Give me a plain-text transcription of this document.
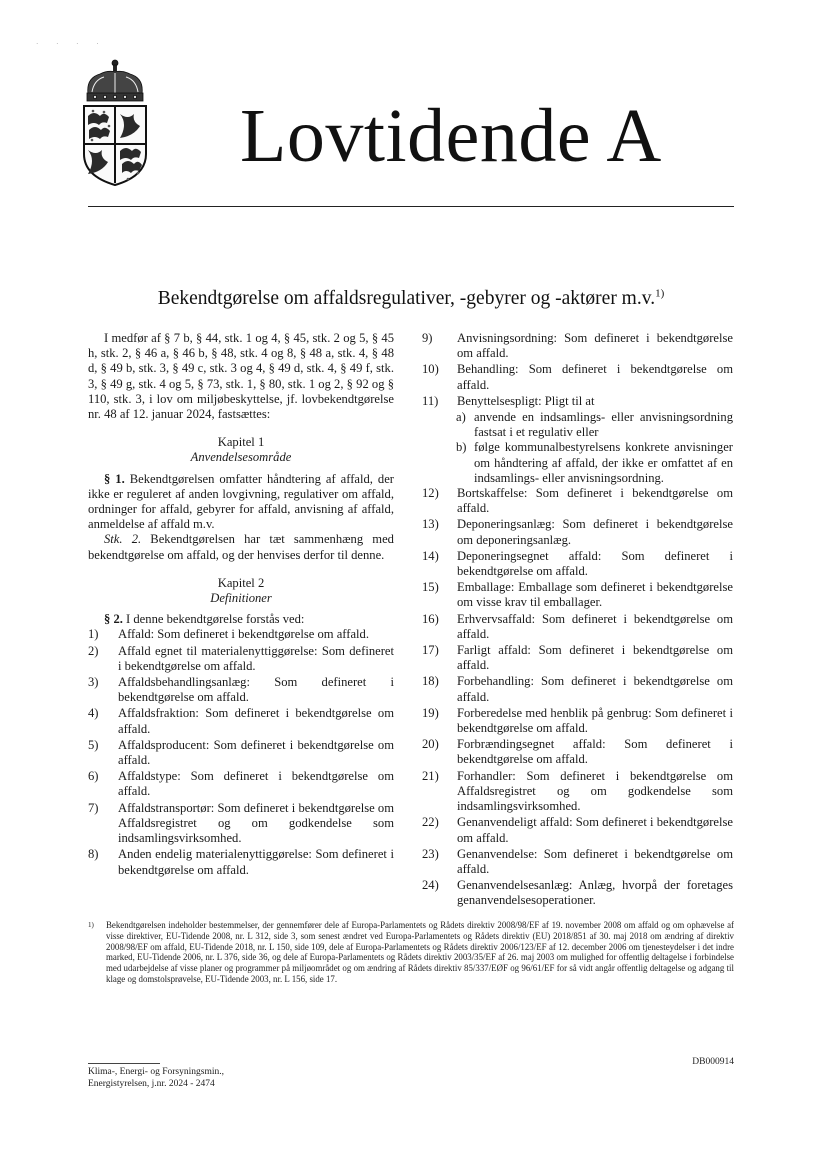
· · · ·
Lovtidende A
Bekendtgørelse om affaldsregulativer, -gebyrer og -aktører m.v.$^{1)}$

I medfør af § 7 b, § 44, stk. 1 og 4, § 45, stk. 2 og 5, § 45 h, stk. 2, § 46 a, § 46 b, § 48, stk. 4 og 8, § 48 a, stk. 4, § 48 d, § 49 b, stk. 3, § 49 c, stk. 3 og 4, § 49 d, stk. 4, § 49 f, stk. 3, § 49 g, stk. 4 og 5, § 73, stk. 1, § 80, stk. 1 og 2, § 92 og § 110, stk. 3, i lov om miljøbeskyttelse, jf. lovbekendtgørelse nr. 48 af 12. januar 2024, fastsættes:

Kapitel 1

Anvendelsesområde

§ 1. Bekendtgørelsen omfatter håndtering af affald, der ikke er reguleret af anden lovgivning, regulativer om affald, ordninger for affald, gebyrer for affald, anvisning af affald, anmeldelse af affald m.v.

Stk. 2. Bekendtgørelsen har tæt sammenhæng med bekendtgørelse om affald, og der henvises derfor til denne.

Kapitel 2

Definitioner

§ 2. I denne bekendtgørelse forstås ved:

1) Affald: Som defineret i bekendtgørelse om affald.
2) Affald egnet til materialenyttiggørelse: Som defineret i bekendtgørelse om affald.
3) Affaldsbehandlingsanlæg: Som defineret i bekendtgørelse om affald.
4) Affaldsfraktion: Som defineret i bekendtgørelse om affald.
5) Affaldsproducent: Som defineret i bekendtgørelse om affald.
6) Affaldstype: Som defineret i bekendtgørelse om affald.
7) Affaldstransportør: Som defineret i bekendtgørelse om Affaldsregistret og om godkendelse som indsamlingsvirksomhed.
8) Anden endelig materialenyttiggørelse: Som defineret i bekendtgørelse om affald.
9) Anvisningsordning: Som defineret i bekendtgørelse om affald.
10) Behandling: Som defineret i bekendtgørelse om affald.
11) Benyttelsespligt: Pligt til at
a) anvende en indsamlings- eller anvisningsordning fastsat i et regulativ eller
b) følge kommunalbestyrelsens konkrete anvisninger om håndtering af affald, der ikke er omfattet af en indsamlings- eller anvisningsordning.
12) Bortskaffelse: Som defineret i bekendtgørelse om affald.
13) Deponeringsanlæg: Som defineret i bekendtgørelse om deponeringsanlæg.
14) Deponeringsegnet affald: Som defineret i bekendtgørelse om affald.
15) Emballage: Emballage som defineret i bekendtgørelse om visse krav til emballager.
16) Erhvervsaffald: Som defineret i bekendtgørelse om affald.
17) Farligt affald: Som defineret i bekendtgørelse om affald.
18) Forbehandling: Som defineret i bekendtgørelse om affald.
19) Forberedelse med henblik på genbrug: Som defineret i bekendtgørelse om affald.
20) Forbrændingsegnet affald: Som defineret i bekendtgørelse om affald.
21) Forhandler: Som defineret i bekendtgørelse om Affaldsregistret og om godkendelse som indsamlingsvirksomhed.
22) Genanvendeligt affald: Som defineret i bekendtgørelse om affald.
23) Genanvendelse: Som defineret i bekendtgørelse om affald.
24) Genanvendelsesanlæg: Anlæg, hvorpå der foretages genanvendelsesoperationer.
1) Bekendtgørelsen indeholder bestemmelser, der gennemfører dele af Europa-Parlamentets og Rådets direktiv 2008/98/EF af 19. november 2008 om affald og om ophævelse af visse direktiver, EU-Tidende 2008, nr. L 312, side 3, som senest ændret ved Europa-Parlamentets og Rådets direktiv (EU) 2018/851 af 30. maj 2018 om ændring af direktiv 2008/98/EF om affald, EU-Tidende 2018, nr. L 150, side 109, dele af Europa-Parlamentets og Rådets direktiv 2006/123/EF af 12. december 2006 om tjenesteydelser i det indre marked, EU-Tidende 2006, nr. L 376, side 36, og dele af Europa-Parlamentets og Rådets direktiv 2003/35/EF af 26. maj 2003 om mulighed for offentlig deltagelse i forbindelse med udarbejdelse af visse planer og programmer på miljøområdet og om ændring af Rådets direktiv 85/337/EØF og 96/61/EF for så vidt angår offentlig deltagelse og adgang til klage og domstolsprøvelse, EU-Tidende 2003, nr. L 156, side 17.
DB000914
Klima-, Energi- og Forsyningsmin.,
Energistyrelsen, j.nr. 2024 - 2474
